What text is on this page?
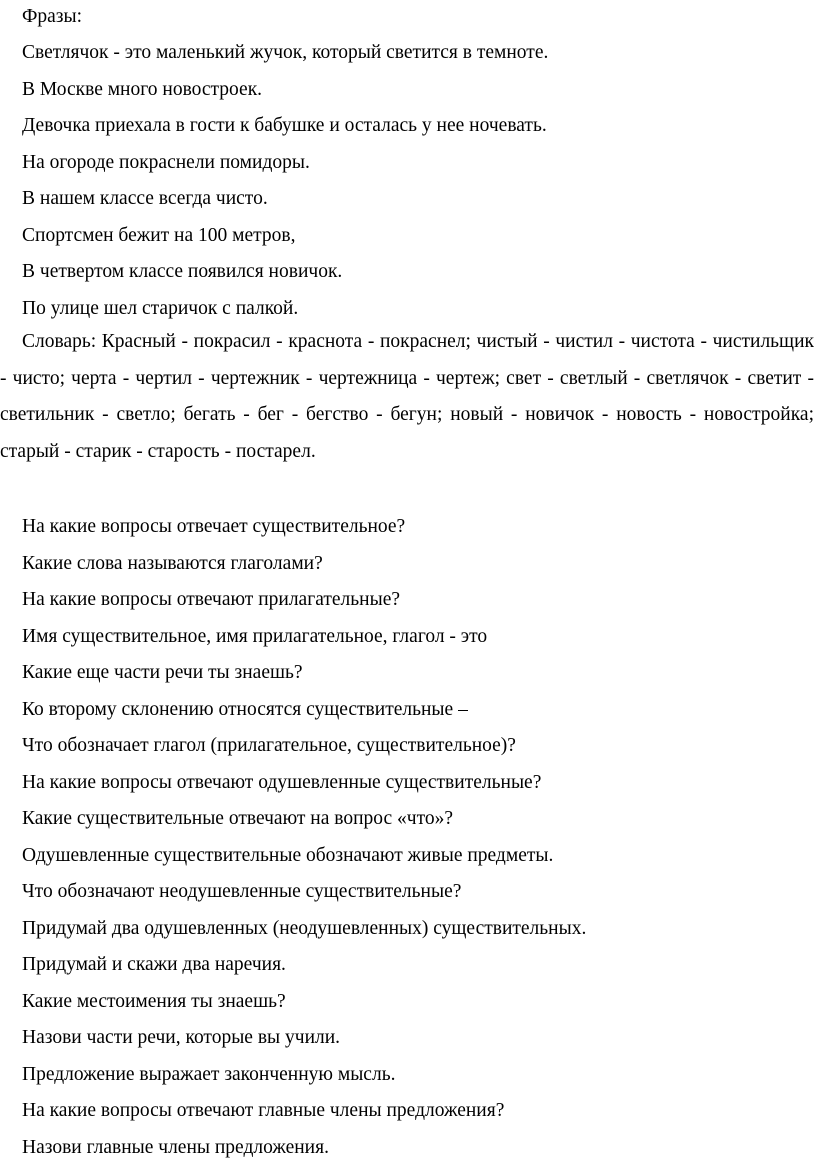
Фразы:
Светлячок - это маленький жучок, который светится в темноте.
В Москве много новостроек.
Девочка приехала в гости к бабушке и осталась у нее ночевать.
На огороде покраснели помидоры.
В нашем классе всегда чисто.
Спортсмен бежит на 100 метров,
В четвертом классе появился новичок.
По улице шел старичок с палкой.
Словарь: Красный - покрасил - краснота - покраснел; чистый - чистил - чистота - чистильщик - чисто; черта - чертил - чертежник - чертежница - чертеж; свет - светлый - светлячок - светит - светильник - светло; бегать - бег - бегство - бегун; новый - новичок - новость - новостройка; старый - старик - старость - постарел.
На какие вопросы отвечает существительное?
Какие слова называются глаголами?
На какие вопросы отвечают прилагательные?
Имя существительное, имя прилагательное, глагол - это
Какие еще части речи ты знаешь?
Ко второму склонению относятся существительные –
Что обозначает глагол (прилагательное, существительное)?
На какие вопросы отвечают одушевленные существительные?
Какие существительные отвечают на вопрос «что»?
Одушевленные существительные обозначают живые предметы.
Что обозначают неодушевленные существительные?
Придумай два одушевленных (неодушевленных) существительных.
Придумай и скажи два наречия.
Какие местоимения ты знаешь?
Назови части речи, которые вы учили.
Предложение выражает законченную мысль.
На какие вопросы отвечают главные члены предложения?
Назови главные члены предложения.
